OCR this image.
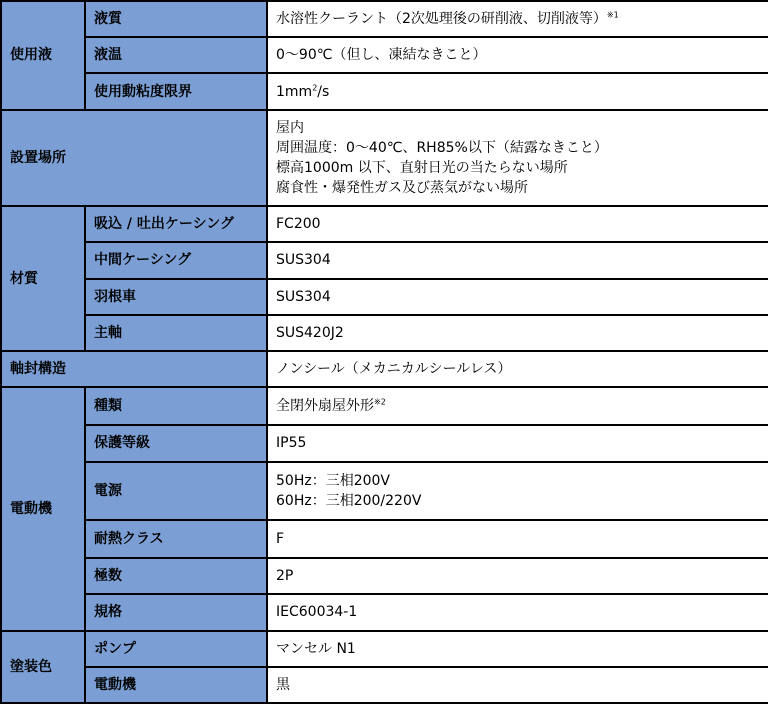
使用液	液質	水溶性クーラント（2次処理後の研削液、切削液等）$^{※1}$
	液温	0～90℃（但し、凍結なきこと）
	使用動粘度限界	$1mm^2/s$
設置場所		屋内
周囲温度：0～40℃、RH85%以下（結露なきこと）
標高1000m 以下、直射日光の当たらない場所
腐食性・爆発性ガス及び蒸気がない場所

材質	吸込 / 吐出ケーシング	FC200
	中間ケーシング	SUS304
	羽根車	SUS304
	主軸	SUS420J2
軸封構造		ノンシール（メカニカルシールレス）
電動機	種類	全閉外扇屋外形$^{※2}$
	保護等級	IP55
	電源	50Hz：三相200V
60Hz：三相200/220V

	耐熱クラス	F
	極数	2P
	規格	IEC60034-1
塗装色	ポンプ	マンセル N1
	電動機	黒
